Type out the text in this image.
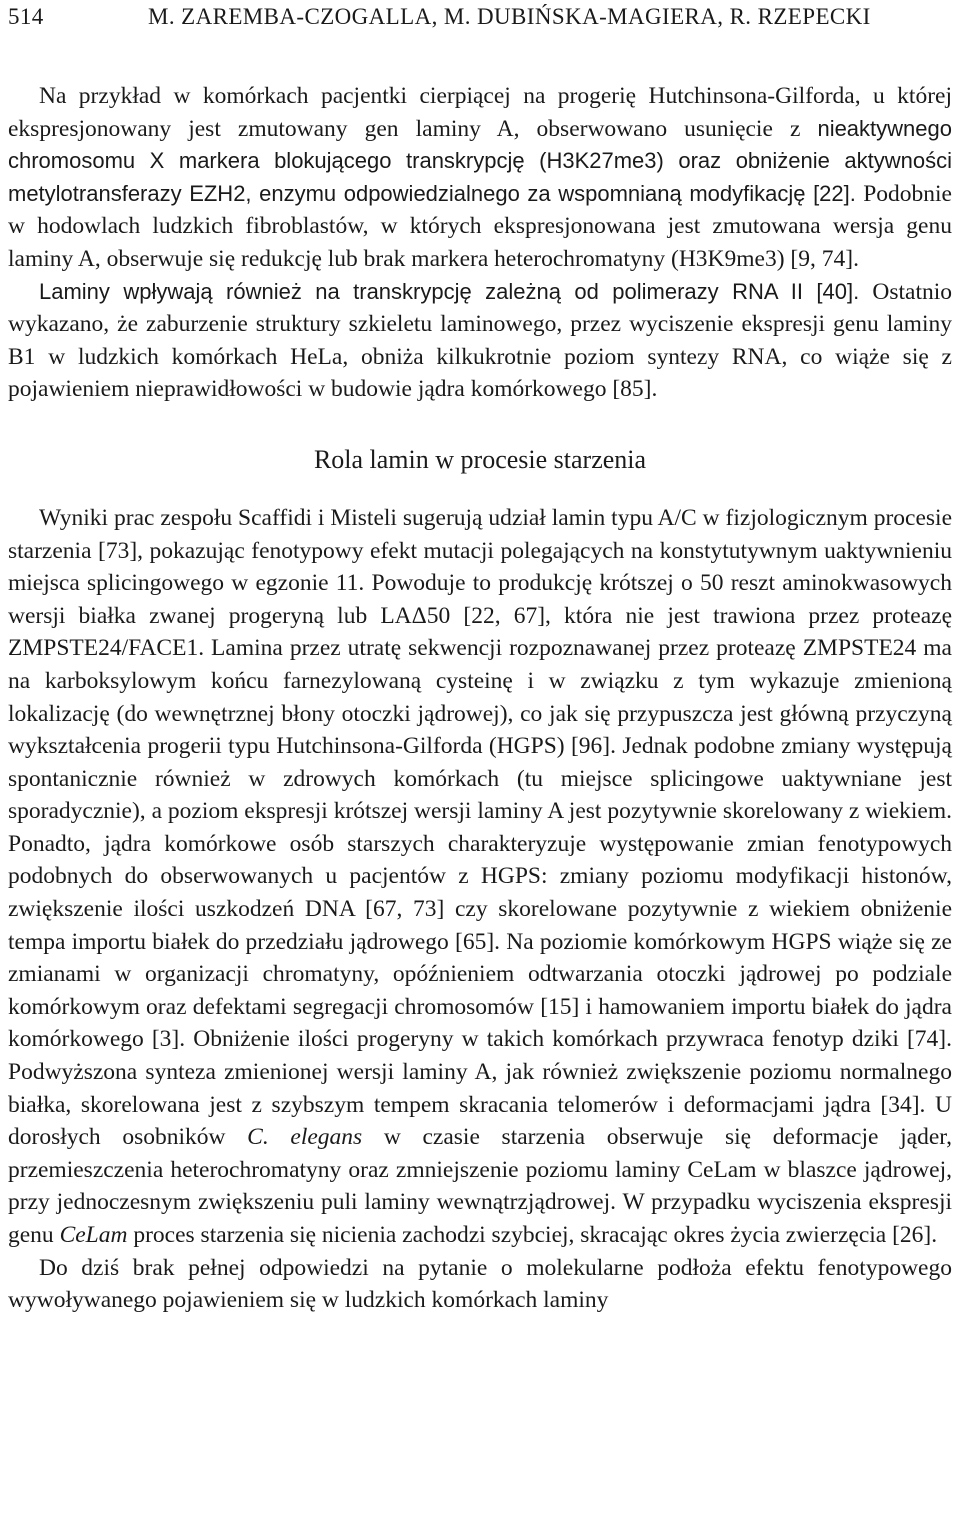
514	M. ZAREMBA-CZOGALLA, M. DUBIŃSKA-MAGIERA, R. RZEPECKI

Na przykład w komórkach pacjentki cierpiącej na progerię Hutchinsona-Gilforda, u której ekspresjonowany jest zmutowany gen laminy A, obserwowano usunięcie z nieaktywnego chromosomu X markera blokującego transkrypcję (H3K27me3) oraz obniżenie aktywności metylotransferazy EZH2, enzymu odpowiedzialnego za wspomnianą modyfikację [22]. Podobnie w hodowlach ludzkich fibroblastów, w których ekspresjonowana jest zmutowana wersja genu laminy A, obserwuje się redukcję lub brak markera heterochromatyny (H3K9me3) [9, 74].

Laminy wpływają również na transkrypcję zależną od polimerazy RNA II [40]. Ostatnio wykazano, że zaburzenie struktury szkieletu laminowego, przez wyciszenie ekspresji genu laminy B1 w ludzkich komórkach HeLa, obniża kilkukrotnie poziom syntezy RNA, co wiąże się z pojawieniem nieprawidłowości w budowie jądra komórkowego [85].

Rola lamin w procesie starzenia

Wyniki prac zespołu Scaffidi i Misteli sugerują udział lamin typu A/C w fizjologicznym procesie starzenia [73], pokazując fenotypowy efekt mutacji polegających na konstytutywnym uaktywnieniu miejsca splicingowego w egzonie 11. Powoduje to produkcję krótszej o 50 reszt aminokwasowych wersji białka zwanej progeryną lub LAΔ50 [22, 67], która nie jest trawiona przez proteazę ZMPSTE24/FACE1. Lamina przez utratę sekwencji rozpoznawanej przez proteazę ZMPSTE24 ma na karboksylowym końcu farnezylowaną cysteinę i w związku z tym wykazuje zmienioną lokalizację (do wewnętrznej błony otoczki jądrowej), co jak się przypuszcza jest główną przyczyną wykształcenia progerii typu Hutchinsona-Gilforda (HGPS) [96]. Jednak podobne zmiany występują spontanicznie również w zdrowych komórkach (tu miejsce splicingowe uaktywniane jest sporadycznie), a poziom ekspresji krótszej wersji laminy A jest pozytywnie skorelowany z wiekiem. Ponadto, jądra komórkowe osób starszych charakteryzuje występowanie zmian fenotypowych podobnych do obserwowanych u pacjentów z HGPS: zmiany poziomu modyfikacji histonów, zwiększenie ilości uszkodzeń DNA [67, 73] czy skorelowane pozytywnie z wiekiem obniżenie tempa importu białek do przedziału jądrowego [65]. Na poziomie komórkowym HGPS wiąże się ze zmianami w organizacji chromatyny, opóźnieniem odtwarzania otoczki jądrowej po podziale komórkowym oraz defektami segregacji chromosomów [15] i hamowaniem importu białek do jądra komórkowego [3]. Obniżenie ilości progeryny w takich komórkach przywraca fenotyp dziki [74]. Podwyższona synteza zmienionej wersji laminy A, jak również zwiększenie poziomu normalnego białka, skorelowana jest z szybszym tempem skracania telomerów i deformacjami jądra [34]. U dorosłych osobników C. elegans w czasie starzenia obserwuje się deformacje jąder, przemieszczenia heterochromatyny oraz zmniejszenie poziomu laminy CeLam w blaszce jądrowej, przy jednoczesnym zwiększeniu puli laminy wewnątrzjądrowej. W przypadku wyciszenia ekspresji genu CeLam proces starzenia się nicienia zachodzi szybciej, skracając okres życia zwierzęcia [26].

Do dziś brak pełnej odpowiedzi na pytanie o molekularne podłoża efektu fenotypowego wywoływanego pojawieniem się w ludzkich komórkach laminy
